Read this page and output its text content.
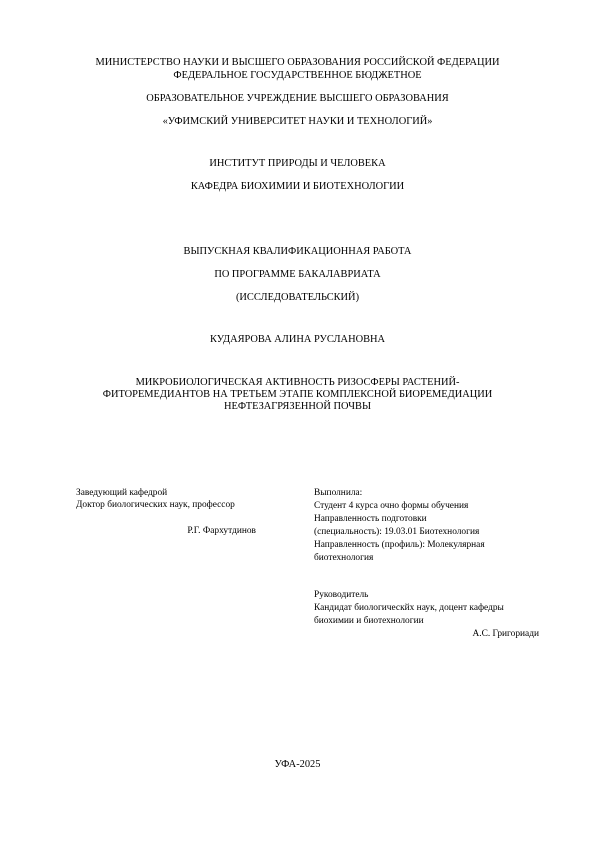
МИНИСТЕРСТВО НАУКИ И ВЫСШЕГО ОБРАЗОВАНИЯ РОССИЙСКОЙ ФЕДЕРАЦИИ
ФЕДЕРАЛЬНОЕ ГОСУДАРСТВЕННОЕ БЮДЖЕТНОЕ
ОБРАЗОВАТЕЛЬНОЕ УЧРЕЖДЕНИЕ ВЫСШЕГО ОБРАЗОВАНИЯ
«УФИМСКИЙ УНИВЕРСИТЕТ НАУКИ И ТЕХНОЛОГИЙ»
ИНСТИТУТ ПРИРОДЫ И ЧЕЛОВЕКА
КАФЕДРА БИОХИМИИ И БИОТЕХНОЛОГИИ
ВЫПУСКНАЯ КВАЛИФИКАЦИОННАЯ РАБОТА
ПО ПРОГРАММЕ БАКАЛАВРИАТА
(ИССЛЕДОВАТЕЛЬСКИЙ)
КУДАЯРОВА АЛИНА РУСЛАНОВНА
МИКРОБИОЛОГИЧЕСКАЯ АКТИВНОСТЬ РИЗОСФЕРЫ РАСТЕНИЙ-
ФИТОРЕМЕДИАНТОВ НА ТРЕТЬЕМ ЭТАПЕ КОМПЛЕКСНОЙ БИОРЕМЕДИАЦИИ
НЕФТЕЗАГРЯЗЕННОЙ ПОЧВЫ
Заведующий кафедрой
Доктор биологических наук, профессор
Р.Г. Фархутдинов
Выполнила:
Студент 4 курса очно формы обучения
Направленность подготовки
(специальность): 19.03.01 Биотехнология
Направленность (профиль): Молекулярная
биотехнология
Руководитель
Кандидат биологическйх наук, доцент кафедры
биохимии и биотехнологии
А.С. Григориади
УФА-2025
